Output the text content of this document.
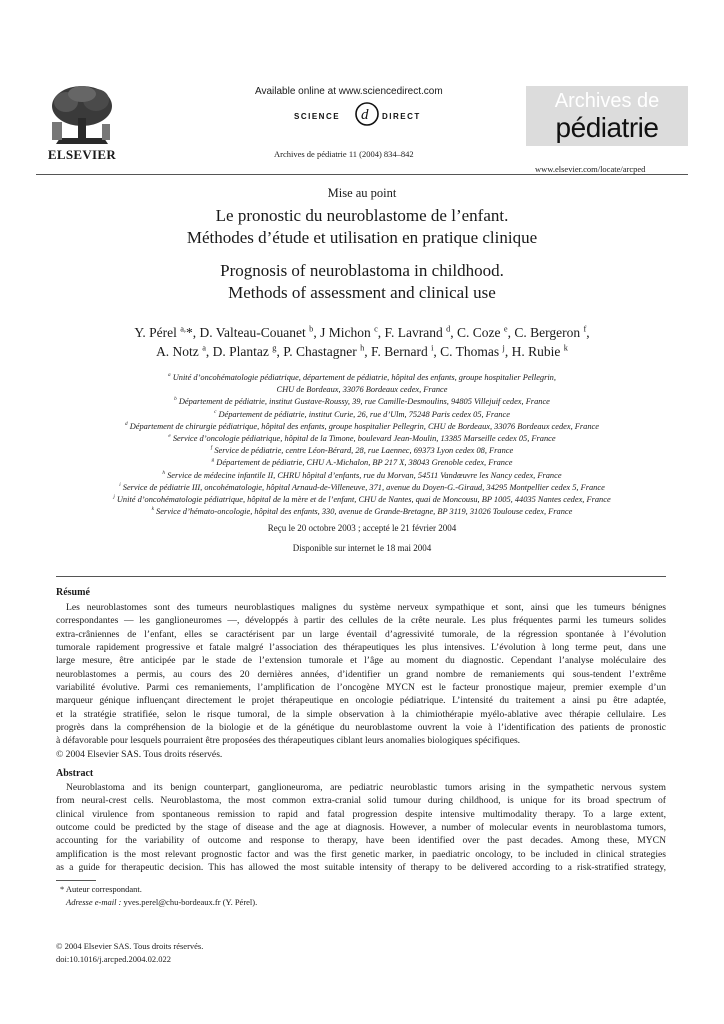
ELSEVIER
Available online at www.sciencedirect.com
SCIENCE d DIRECT
Archives de pédiatrie 11 (2004) 834–842
Archives de
pédiatrie
www.elsevier.com/locate/arcped
Mise au point
Le pronostic du neuroblastome de l’enfant.
Méthodes d’étude et utilisation en pratique clinique
Prognosis of neuroblastoma in childhood.
Methods of assessment and clinical use
Y. Pérel $^{a,}$*, D. Valteau-Couanet $^b$, J Michon $^c$, F. Lavrand $^d$, C. Coze $^e$, C. Bergeron $^f$,
A. Notz $^a$, D. Plantaz $^g$, P. Chastagner $^h$, F. Bernard $^i$, C. Thomas $^j$, H. Rubie $^k$
$^a$ Unité d’oncohématologie pédiatrique, département de pédiatrie, hôpital des enfants, groupe hospitalier Pellegrin,
CHU de Bordeaux, 33076 Bordeaux cedex, France
$^b$ Département de pédiatrie, institut Gustave-Roussy, 39, rue Camille-Desmoulins, 94805 Villejuif cedex, France
$^c$ Département de pédiatrie, institut Curie, 26, rue d’Ulm, 75248 Paris cedex 05, France
$^d$ Département de chirurgie pédiatrique, hôpital des enfants, groupe hospitalier Pellegrin, CHU de Bordeaux, 33076 Bordeaux cedex, France
$^e$ Service d’oncologie pédiatrique, hôpital de la Timone, boulevard Jean-Moulin, 13385 Marseille cedex 05, France
$^f$ Service de pédiatrie, centre Léon-Bérard, 28, rue Laennec, 69373 Lyon cedex 08, France
$^g$ Département de pédiatrie, CHU A.-Michalon, BP 217 X, 38043 Grenoble cedex, France
$^h$ Service de médecine infantile II, CHRU hôpital d’enfants, rue du Morvan, 54511 Vandœuvre les Nancy cedex, France
$^i$ Service de pédiatrie III, oncohématologie, hôpital Arnaud-de-Villeneuve, 371, avenue du Doyen-G.-Giraud, 34295 Montpellier cedex 5, France
$^j$ Unité d’oncohématologie pédiatrique, hôpital de la mère et de l’enfant, CHU de Nantes, quai de Moncousu, BP 1005, 44035 Nantes cedex, France
$^k$ Service d’hémato-oncologie, hôpital des enfants, 330, avenue de Grande-Bretagne, BP 3119, 31026 Toulouse cedex, France
Reçu le 20 octobre 2003 ; accepté le 21 février 2004
Disponible sur internet le 18 mai 2004
Résumé
Les neuroblastomes sont des tumeurs neuroblastiques malignes du système nerveux sympathique et sont, ainsi que les tumeurs bénignes
correspondantes — les ganglioneuromes —, développés à partir des cellules de la crête neurale. Les plus fréquentes parmi les tumeurs solides
extra-crâniennes de l’enfant, elles se caractérisent par un large éventail d’agressivité tumorale, de la régression spontanée à l’évolution
tumorale rapidement progressive et fatale malgré l’association des thérapeutiques les plus intensives. L’évolution à long terme peut, dans une
large mesure, être anticipée par le stade de l’extension tumorale et l’âge au moment du diagnostic. Cependant l’analyse moléculaire des
neuroblastomes a permis, au cours des 20 dernières années, d’identifier un grand nombre de remaniements qui sous-tendent l’extrême
variabilité évolutive. Parmi ces remaniements, l’amplification de l’oncogène MYCN est le facteur pronostique majeur, premier exemple d’un
marqueur génique influençant directement le projet thérapeutique en oncologie pédiatrique. L’intensité du traitement a ainsi pu être adaptée,
et la stratégie stratifiée, selon le risque tumoral, de la simple observation à la chimiothérapie myélo-ablative avec thérapie cellulaire. Les
progrès dans la compréhension de la biologie et de la génétique du neuroblastome ouvrent la voie à l’identification des patients de pronostic
à défavorable pour lesquels pourraient être proposées des thérapeutiques ciblant leurs anomalies biologiques spécifiques.
© 2004 Elsevier SAS. Tous droits réservés.
Abstract
Neuroblastoma and its benign counterpart, ganglioneuroma, are pediatric neuroblastic tumors arising in the sympathetic nervous system
from neural-crest cells. Neuroblastoma, the most common extra-cranial solid tumour during childhood, is unique for its broad spectrum of
clinical virulence from spontaneous remission to rapid and fatal progression despite intensive multimodality therapy. To a large extent,
outcome could be predicted by the stage of disease and the age at diagnosis. However, a number of molecular events in neuroblastoma tumors,
accounting for the variability of outcome and response to therapy, have been identified over the past decades. Among these, MYCN
amplification is the most relevant prognostic factor and was the first genetic marker, in paediatric oncology, to be included in clinical strategies
as a guide for therapeutic decision. This has allowed the most suitable intensity of therapy to be delivered according to a risk-stratified strategy,
* Auteur correspondant.
Adresse e-mail : yves.perel@chu-bordeaux.fr (Y. Pérel).
© 2004 Elsevier SAS. Tous droits réservés.
doi:10.1016/j.arcped.2004.02.022
